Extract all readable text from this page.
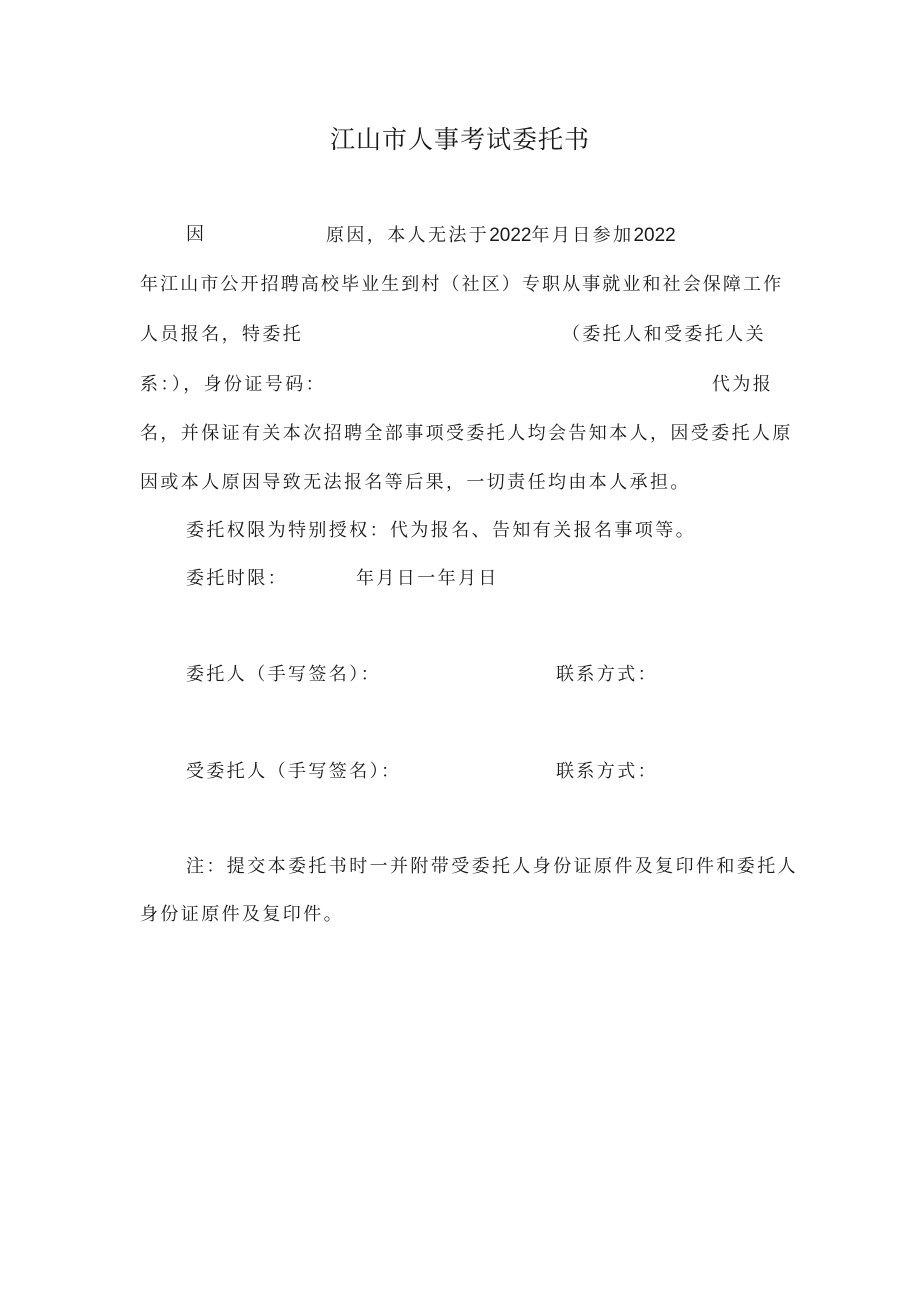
江山市人事考试委托书
因	原因，本人无法于2022年月日参加2022
年江山市公开招聘高校毕业生到村（社区）专职从事就业和社会保障工作
人员报名，特委托	（委托人和受委托人关
系：），身份证号码：	代为报
名，并保证有关本次招聘全部事项受委托人均会告知本人，因受委托人原
因或本人原因导致无法报名等后果，一切责任均由本人承担。
委托权限为特别授权：代为报名、告知有关报名事项等。
委托时限：	年月日一年月日
委托人（手写签名）：	联系方式：
受委托人（手写签名）：	联系方式：
注：提交本委托书时一并附带受委托人身份证原件及复印件和委托人
身份证原件及复印件。
